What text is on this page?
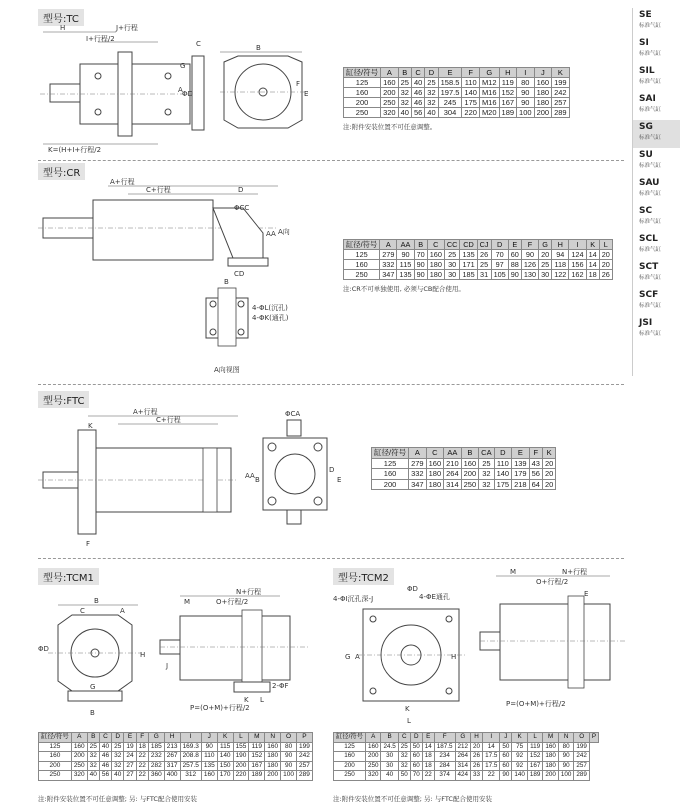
SE
标准气缸
SI
标准气缸
SIL
标准气缸
SAI
标准气缸
SG
标准气缸
SU
标准气缸
SAU
标准气缸
SC
标准气缸
SCL
标准气缸
SCT
标准气缸
SCF
标准气缸
JSI
标准气缸
型号:TC
H	J+行程
I+行程/2
K=(H+I+行程/2
A
C
G
B
ΦD	E
F
缸径/符号	A	B	C	D	E	F	G	H	I	J	K
125	160	25	40	25	158.5	110	M12	119	80	160	199
160	200	32	46	32	197.5	140	M16	152	90	180	242
200	250	32	46	32	245	175	M16	167	90	180	257
250	320	40	56	40	304	220	M20	189	100	200	289
注:附件安装位置不可任意调整。
型号:CR
A+行程
C+行程	D
ΦCC
AA A向
CD
B
4-ΦL(沉孔)
4-ΦK(通孔)
A向视图
缸径/符号	A	AA	B	C	CC	CD	CJ	D	E	F	G	H	I	K	L
125	279	90	70	160	25	135	26	70	60	90	20	94	124	14	20
160	332	115	90	180	30	171	25	97	88	126	25	118	156	14	20
250	347	135	90	180	30	185	31	105	90	130	30	122	162	18	26
注:CR不可单独使用, 必须与CB配合使用。
型号:FTC
A+行程
C+行程
K
F
ΦCA
AA B
D
E
缸径/符号	A	C	AA	B	CA	D	E	F	K
125	279	160	210	160	25	110	139	43	20
160	332	180	264	200	32	140	179	56	20
200	347	180	314	250	32	175	218	64	20
型号:TCM1
B
A
C
ΦD
H
G
B
N+行程
M	O+行程/2
J
2-ΦF
K L
P=(O+M)+行程/2
缸径/符号	A	B	C	D	E	F	G	H	I	J	K	L	M	N	O	P
125	160	25	40	25	19	18	185	213	169.3	90	115	155	119	160	80	199
160	200	32	46	32	24	22	232	267	208.8	110	140	190	152	180	90	242
200	250	32	46	32	27	22	282	317	257.5	135	150	200	167	180	90	257
250	320	40	56	40	27	22	360	400	312	160	170	220	189	200	100	289
注:附件安装位置不可任意调整; 另: 与FTC配合使用安装
型号:TCM2
ΦD
4-ΦE通孔
4-ΦI沉孔深-J
G A	H
K
L
N+行程
M
O+行程/2
E
P=(O+M)+行程/2
缸径/符号	A	B	C	D	E	F	G	H	I	J	K	L	M	N	O	P
125	160	24.5	25	50	14	187.5	212	20	14	50	75	119	160	80	199	
160	200	30	32	60	18	234	264	26	17.5	60	92	152	180	90	242	
200	250	30	32	60	18	284	314	26	17.5	60	92	167	180	90	257	
250	320	40	50	70	22	374	424	33	22	90	140	189	200	100	289	
注:附件安装位置不可任意调整; 另: 与FTC配合使用安装
